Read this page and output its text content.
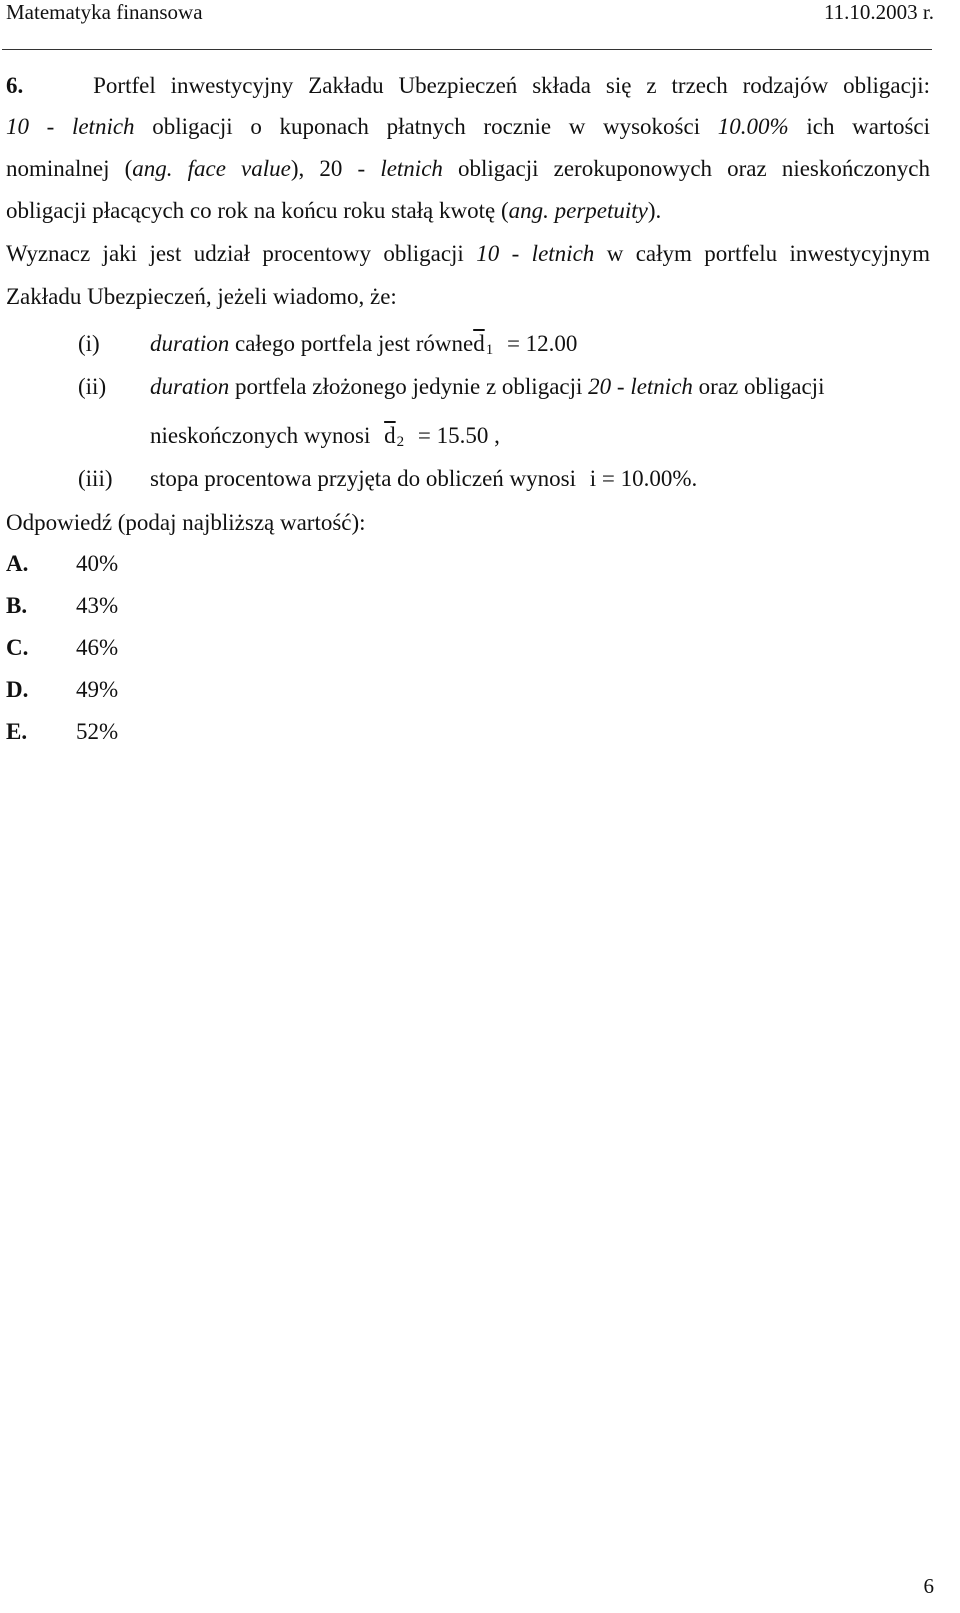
Matematyka finansowa	11.10.2003 r.
6.	Portfel inwestycyjny Zakładu Ubezpieczeń składa się z trzech rodzajów obligacji:
10 - letnich obligacji o kuponach płatnych rocznie w wysokości 10.00% ich wartości
nominalnej (ang. face value), 20 - letnich obligacji zerokuponowych oraz nieskończonych
obligacji płacących co rok na końcu roku stałą kwotę (ang. perpetuity).
Wyznacz jaki jest udział procentowy obligacji 10 - letnich w całym portfelu inwestycyjnym
Zakładu Ubezpieczeń, jeżeli wiadomo, że:
(i) duration całego portfela jest $równe\overline{d}1 = 12.00$
(ii) duration portfela złożonego jedynie z obligacji 20 - letnich oraz obligacji
nieskończonych wynosi $\overline{d}2 = 15.50$ ,
(iii) stopa procentowa przyjęta do obliczeń wynosi i = 10.00%.
Odpowiedź (podaj najbliższą wartość):
A. 40%
B. 43%
C. 46%
D. 49%
E. 52%
6
